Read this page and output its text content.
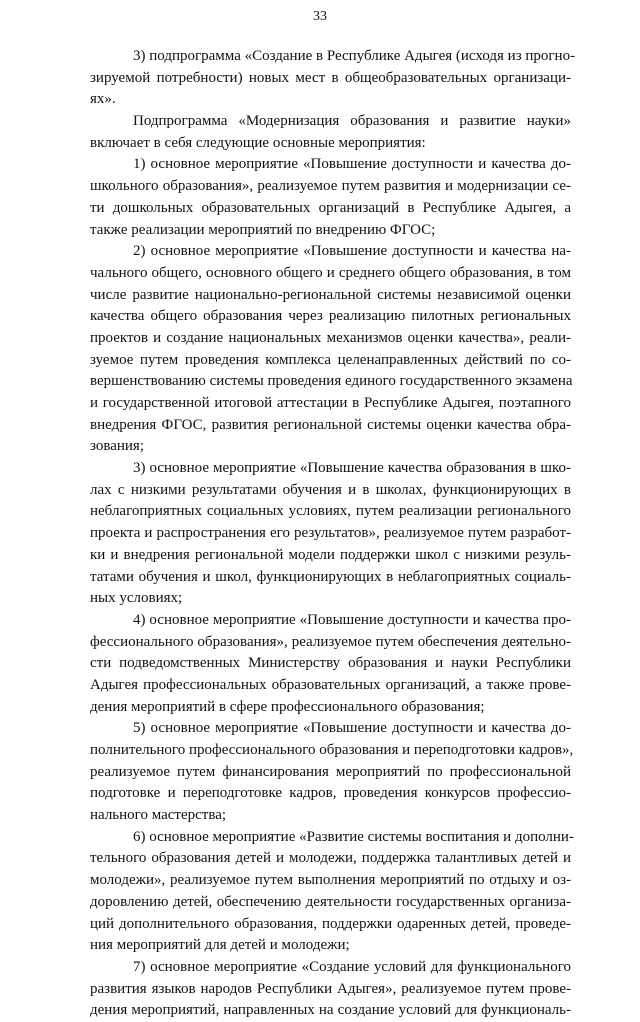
33
3) подпрограмма «Создание в Республике Адыгея (исходя из прогно-
зируемой потребности) новых мест в общеобразовательных организаци-
ях».
Подпрограмма «Модернизация образования и развитие науки»
включает в себя следующие основные мероприятия:
1) основное мероприятие «Повышение доступности и качества до-
школьного образования», реализуемое путем развития и модернизации се-
ти дошкольных образовательных организаций в Республике Адыгея, а
также реализации мероприятий по внедрению ФГОС;
2) основное мероприятие «Повышение доступности и качества на-
чального общего, основного общего и среднего общего образования, в том
числе развитие национально-региональной системы независимой оценки
качества общего образования через реализацию пилотных региональных
проектов и создание национальных механизмов оценки качества», реали-
зуемое путем проведения комплекса целенаправленных действий по со-
вершенствованию системы проведения единого государственного экзамена
и государственной итоговой аттестации в Республике Адыгея, поэтапного
внедрения ФГОС, развития региональной системы оценки качества обра-
зования;
3) основное мероприятие «Повышение качества образования в шко-
лах с низкими результатами обучения и в школах, функционирующих в
неблагоприятных социальных условиях, путем реализации регионального
проекта и распространения его результатов», реализуемое путем разработ-
ки и внедрения региональной модели поддержки школ с низкими резуль-
татами обучения и школ, функционирующих в неблагоприятных социаль-
ных условиях;
4) основное мероприятие «Повышение доступности и качества про-
фессионального образования», реализуемое путем обеспечения деятельно-
сти подведомственных Министерству образования и науки Республики
Адыгея профессиональных образовательных организаций, а также прове-
дения мероприятий в сфере профессионального образования;
5) основное мероприятие «Повышение доступности и качества до-
полнительного профессионального образования и переподготовки кадров»,
реализуемое путем финансирования мероприятий по профессиональной
подготовке и переподготовке кадров, проведения конкурсов профессио-
нального мастерства;
6) основное мероприятие «Развитие системы воспитания и дополни-
тельного образования детей и молодежи, поддержка талантливых детей и
молодежи», реализуемое путем выполнения мероприятий по отдыху и оз-
доровлению детей, обеспечению деятельности государственных организа-
ций дополнительного образования, поддержки одаренных детей, проведе-
ния мероприятий для детей и молодежи;
7) основное мероприятие «Создание условий для функционального
развития языков народов Республики Адыгея», реализуемое путем прове-
дения мероприятий, направленных на создание условий для функциональ-
